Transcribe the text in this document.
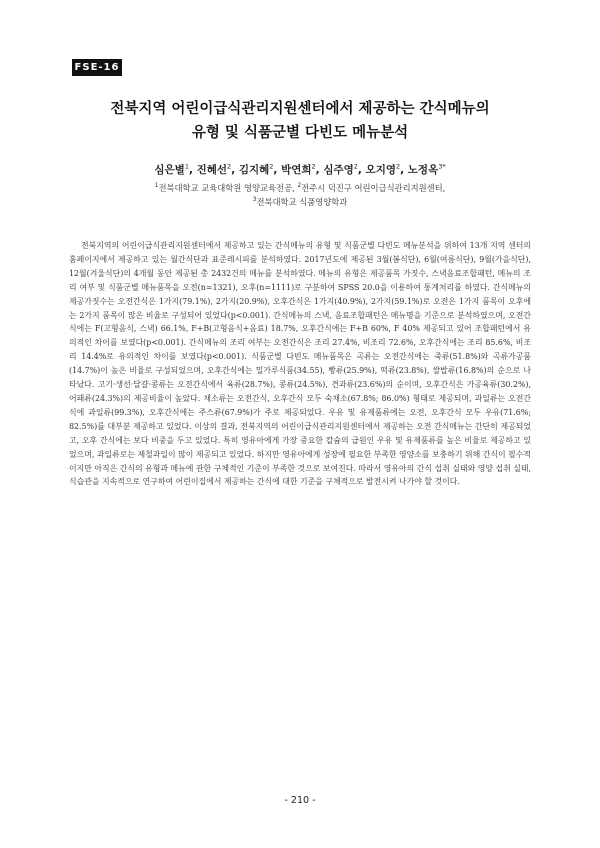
FSE-16
전북지역 어린이급식관리지원센터에서 제공하는 간식메뉴의
유형 및 식품군별 다빈도 메뉴분석
심은별$^1$, 진혜선$^2$, 김지혜$^2$, 박연희$^2$, 심주영$^2$, 오지영$^2$, 노정옥$^{3*}$
$^1$전북대학교 교육대학원 영양교육전공, $^2$전주시 덕진구 어린이급식관리지원센터,
$^3$전북대학교 식품영양학과

전북지역의 어린이급식관리지원센터에서 제공하고 있는 간식메뉴의 유형 및 식품군별 다빈도 메뉴분석을 위하여 13개 지역 센터의 홈페이지에서 제공하고 있는 월간식단과 표준레시피를 분석하였다. 2017년도에 제공된 3월(봄식단), 6월(여름식단), 9월(가을식단), 12월(겨울식단)의 4개월 동안 제공된 총 2432건의 메뉴를 분석하였다. 메뉴의 유형은 제공품목 가짓수, 스낵음료조합패턴, 메뉴의 조리 여부 및 식품군별 메뉴품목을 오전(n=1321), 오후(n=1111)로 구분하여 SPSS 20.0을 이용하여 통계처리를 하였다. 간식메뉴의 제공가짓수는 오전간식은 1가지(79.1%), 2가지(20.9%), 오후간식은 1가지(40.9%), 2가지(59.1%)로 오전은 1가지 품목이 오후에는 2가지 품목이 많은 비율로 구성되어 있었다(p<0.001). 간식메뉴의 스낵, 음료조합패턴은 메뉴명을 기준으로 분석하였으며, 오전간식에는 F(고형음식, 스낵) 66.1%, F+B(고형음식+음료) 18.7%, 오후간식에는 F+B 60%, F 40% 제공되고 있어 조합패턴에서 유의적인 차이를 보였다(p<0.001). 간식메뉴의 조리 여부는 오전간식은 조리 27.4%, 비조리 72.6%, 오후간식에는 조리 85.6%, 비조리 14.4%로 유의적인 차이를 보였다(p<0.001). 식품군별 다빈도 메뉴품목은 곡류는 오전간식에는 죽류(51.8%)와 곡류가공품(14.7%)이 높은 비율로 구성되었으며, 오후간식에는 밀가루식품(34.55), 빵류(25.9%), 떡류(23.8%), 쌀밥류(16.8%)의 순으로 나타났다. 고기·생선·달걀·콩류는 오전간식에서 육류(28.7%), 콩류(24.5%), 견과류(23.6%)의 순이며, 오후간식은 가공육류(30.2%), 어패류(24.3%)의 제공비율이 높았다. 채소류는 오전간식, 오후간식 모두 숙채소(67.8%; 86.0%) 형태로 제공되며, 과일류는 오전간식에 과일류(99.3%), 오후간식에는 주스류(67.9%)가 주로 제공되었다. 우유 및 유제품류에는 오전, 오후간식 모두 우유(71.6%; 82.5%)를 대부분 제공하고 있었다. 이상의 결과, 전북지역의 어린이급식관리지원센터에서 제공하는 오전 간식메뉴는 간단히 제공되었고, 오후 간식에는 보다 비중을 두고 있었다. 특히 영유아에게 가장 중요한 칼슘의 급원인 우유 및 유제품류를 높은 비율로 제공하고 있었으며, 과일류로는 제철과일이 많이 제공되고 있었다. 하지만 영유아에게 성장에 필요한 부족한 영양소를 보충하기 위해 간식이 필수적이지만 아직은 간식의 유형과 메뉴에 관한 구체적인 기준이 부족한 것으로 보여진다. 따라서 영유아의 간식 섭취 실태와 영양 섭취 실태, 식습관을 지속적으로 연구하여 어린이집에서 제공하는 간식에 대한 기준을 구체적으로 발전시켜 나가야 할 것이다.

- 210 -
